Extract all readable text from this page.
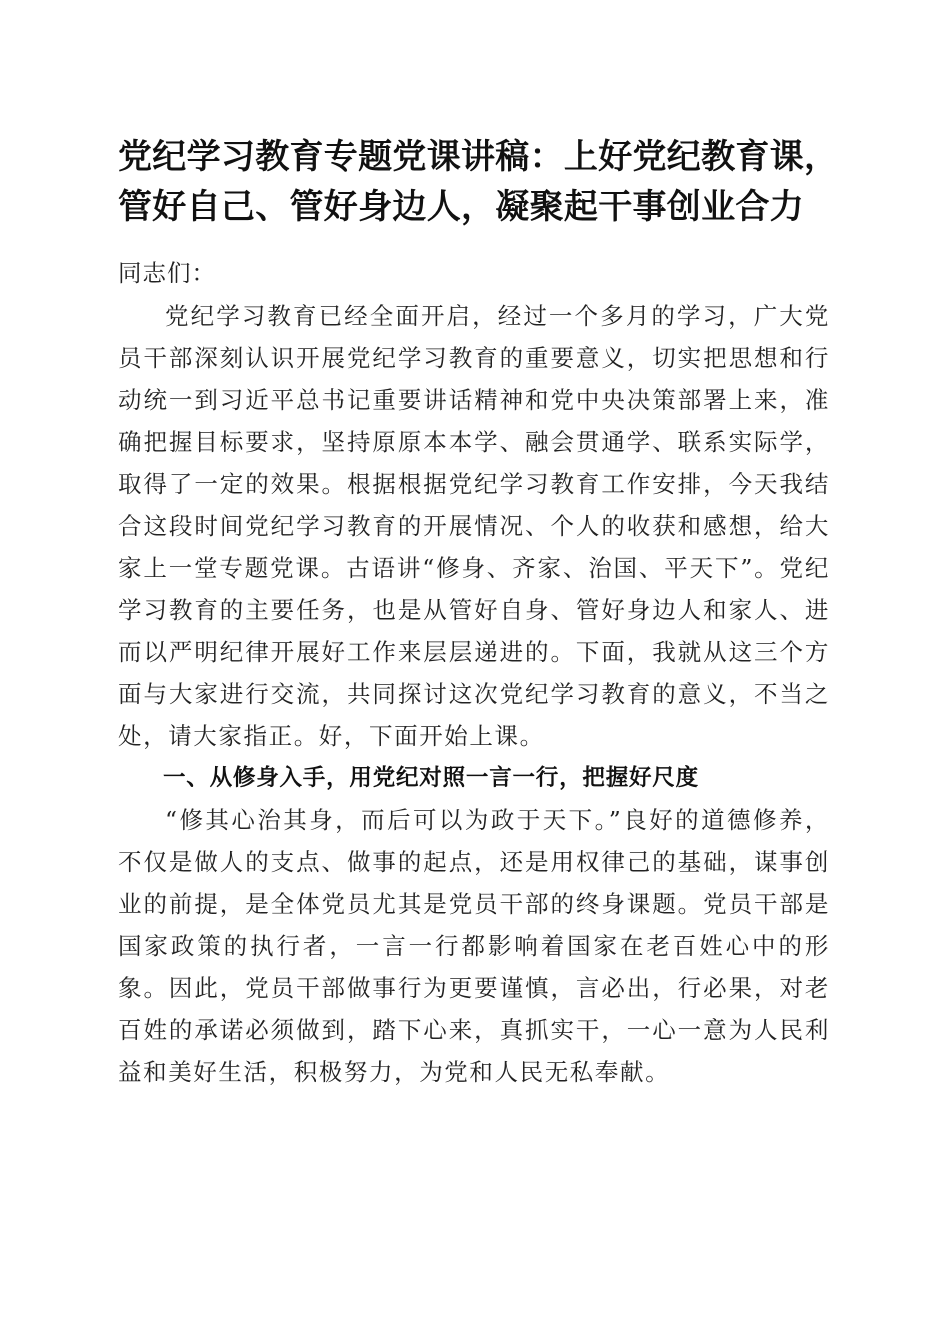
党纪学习教育专题党课讲稿：上好党纪教育课，
管好自己、管好身边人，凝聚起干事创业合力

同志们：

党纪学习教育已经全面开启，经过一个多月的学习，广大党员干部深刻认识开展党纪学习教育的重要意义，切实把思想和行动统一到习近平总书记重要讲话精神和党中央决策部署上来，准确把握目标要求，坚持原原本本学、融会贯通学、联系实际学，取得了一定的效果。根据根据党纪学习教育工作安排，今天我结合这段时间党纪学习教育的开展情况、个人的收获和感想，给大家上一堂专题党课。古语讲“修身、齐家、治国、平天下”。党纪学习教育的主要任务，也是从管好自身、管好身边人和家人、进而以严明纪律开展好工作来层层递进的。下面，我就从这三个方面与大家进行交流，共同探讨这次党纪学习教育的意义，不当之处，请大家指正。好，下面开始上课。

一、从修身入手，用党纪对照一言一行，把握好尺度

“修其心治其身，而后可以为政于天下。”良好的道德修养，不仅是做人的支点、做事的起点，还是用权律己的基础，谋事创业的前提，是全体党员尤其是党员干部的终身课题。党员干部是国家政策的执行者，一言一行都影响着国家在老百姓心中的形象。因此，党员干部做事行为更要谨慎，言必出，行必果，对老百姓的承诺必须做到，踏下心来，真抓实干，一心一意为人民利益和美好生活，积极努力，为党和人民无私奉献。
